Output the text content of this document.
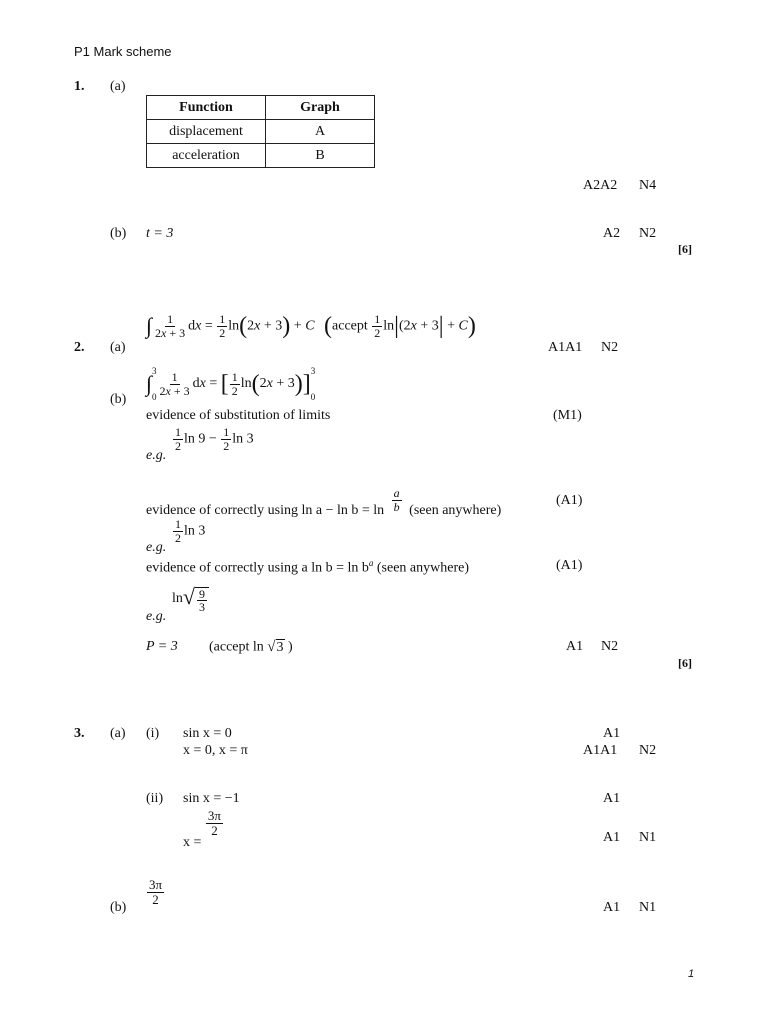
P1 Mark scheme
1. (a)
Function	Graph
displacement	A
acceleration	B
A2A2 N4
(b) t = 3	A2 N2
[6]
∫ $\frac{1}{2x + 3}$ dx = $\frac{1}{2} \ln(2x + 3) + C$ (accept $\frac{1}{2} \ln|(2x + 3| + C)$
2. (a)	A1A1 N2
∫ 3
$0 \frac{1}{2x + 3}$ dx = [ $\frac{1}{2} \ln(2x + 3)$] 3
0
(b)
evidence of substitution of limits	(M1)
e.g.
$\frac{1}{2}$ $\ln 9 - \frac{1}{2}$ ln 3
evidence of correctly using $\ln a - \ln b = \ln \frac{a}{b}$ (seen anywhere)
(A1)
e.g.
$\frac{1}{2}$ ln 3
evidence of correctly using a $\ln b = \ln b^a$ (seen anywhere)	(A1)
e.g.
$\ln√ \frac{9}{3}$
P = 3 (accept ln √3 )	A1 N2
[6]
3. (a) (i) sin x = 0	A1
x = 0, x = π	A1A1 N2
(ii) sin x = −1	A1
x =
$\frac{3\pi}{2}$
A1 N1
$\frac{3\pi}{2}$
(b)	A1 N1
1
